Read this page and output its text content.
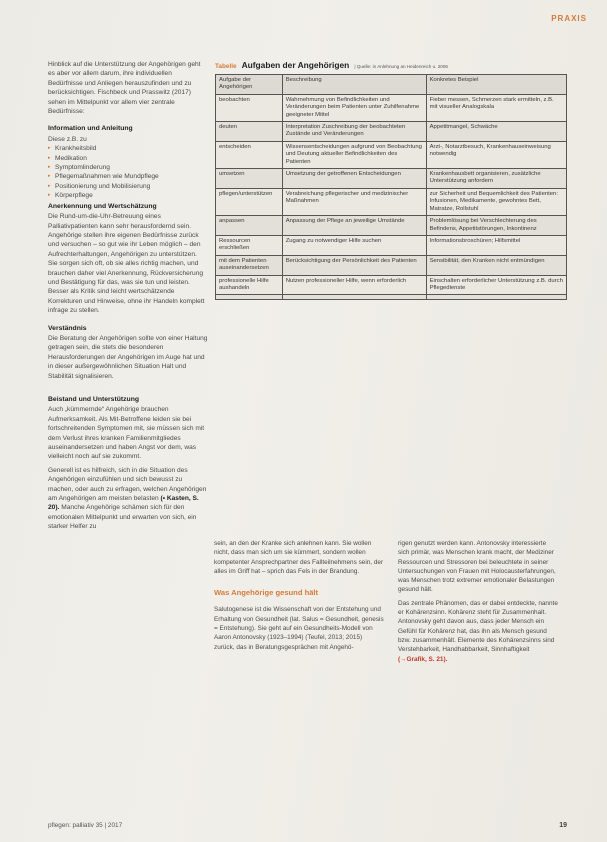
PRAXIS

Hinblick auf die Unterstützung der Angehörigen geht es aber vor allem darum, ihre individuellen Bedürfnisse und Anliegen herauszufinden und zu berücksichtigen. Fischbeck und Prasswitz (2017) sehen im Mittelpunkt vor allem vier zentrale Bedürfnisse:

Information und Anleitung

Diese z.B. zu

▸ Krankheitsbild
▸ Medikation
▸ Symptomlinderung
▸ Pflegemaßnahmen wie Mundpflege
▸ Positionierung und Mobilisierung
▸ Körperpflege
Anerkennung und Wertschätzung

Die Rund-um-die-Uhr-Betreuung eines Palliativpatienten kann sehr herausfordernd sein. Angehörige stellen ihre eigenen Bedürfnisse zurück und versuchen – so gut wie ihr Leben möglich – den Aufrechterhaltungen, Angehörigen zu unterstützen. Sie sorgen sich oft, ob sie alles richtig machen, und brauchen daher viel Anerkennung, Rückversicherung und Bestätigung für das, was sie tun und leisten. Besser als Kritik sind leicht wertschätzende Korrekturen und Hinweise, ohne ihr Handeln komplett infrage zu stellen.

Verständnis

Die Beratung der Angehörigen sollte von einer Haltung getragen sein, die stets die besonderen Herausforderungen der Angehörigen im Auge hat und in dieser außergewöhnlichen Situation Halt und Stabilität signalisieren.

Beistand und Unterstützung

Auch „kümmernde“ Angehörige brauchen Aufmerksamkeit. Als Mit-Betroffene leiden sie bei fortschreitenden Symptomen mit, sie müssen sich mit dem Verlust ihres kranken Familienmitgliedes auseinandersetzen und haben Angst vor dem, was vielleicht noch auf sie zukommt.

Generell ist es hilfreich, sich in die Situation des Angehörigen einzufühlen und sich bewusst zu machen, oder auch zu erfragen, welchen Angehörigen am Angehörigen am meisten belasten (• Kasten, S. 20). Manche Angehörige schämen sich für den emotionalen Mittelpunkt und erwarten von sich, ein starker Helfer zu

Tabelle Aufgaben der Angehörigen | Quelle: in Anlehnung an Heidenreich u. 2006
Aufgabe der Angehörigen	Beschreibung	Konkretes Beispiel
beobachten	Wahrnehmung von Befindlichkeiten und Veränderungen beim Patienten unter Zuhilfenahme geeigneter Mittel	Fieber messen, Schmerzen stark ermitteln, z.B. mit visueller Analogskala
deuten	Interpretation Zuschreibung der beobachteten Zustände und Veränderungen	Appetitmangel, Schwäche
entscheiden	Wissensentscheidungen aufgrund von Beobachtung und Deutung aktueller Befindlichkeiten des Patienten	Arzt-, Notarztbesuch, Krankenhauseinweisung notwendig
umsetzen	Umsetzung der getroffenen Entscheidungen	Krankenhausbett organisieren, zusätzliche Unterstützung anfordern
pflegen/unterstützen	Verabreichung pflegerischer und medizinischer Maßnahmen	zur Sicherheit und Bequemlichkeit des Patienten: Infusionen, Medikamente, gewohntes Bett, Matratze, Rollstuhl
anpassen	Anpassung der Pflege an jeweilige Umstände	Problemlösung bei Verschlechterung des Befindens, Appetitstörungen, Inkontinenz
Ressourcen erschließen	Zugang zu notwendiger Hilfe suchen	Informationsbroschüren; Hilfsmittel
mit dem Patienten auseinandersetzen	Berücksichtigung der Persönlichkeit des Patienten	Sensibilität, den Kranken nicht entmündigen
professionelle Hilfe aushandeln	Nutzen professioneller Hilfe, wenn erforderlich	Einschalten erforderlicher Unterstützung z.B. durch Pflegedienste

sein, an den der Kranke sich anlehnen kann. Sie wollen nicht, dass man sich um sie kümmert, sondern wollen kompetenter Ansprechpartner des Fallteilnehmens sein, der alles im Griff hat – sprich das Fels in der Brandung.

Was Angehörige gesund hält

Salutogenese ist die Wissenschaft von der Entstehung und Erhaltung von Gesundheit (lat. Salus = Gesundheit, genesis = Entstehung). Sie geht auf ein Gesundheits-Modell von Aaron Antonovsky (1923–1994) (Teufel, 2013; 2015) zurück, das in Beratungsgesprächen mit Angehö-

rigen genutzt werden kann. Antonovsky interessierte sich primär, was Menschen krank macht, der Mediziner Ressourcen und Stressoren bei beleuchtete in seiner Untersuchungen von Frauen mit Holocausterfahrungen, was Menschen trotz extremer emotionaler Belastungen gesund hält.

Das zentrale Phänomen, das er dabei entdeckte, nannte er Kohärenzsinn. Kohärenz steht für Zusammenhalt. Antonovsky geht davon aus, dass jeder Mensch ein Gefühl für Kohärenz hat, das ihn als Mensch gesund bzw. zusammenhält. Elemente des Kohärenzsinns sind Verstehbarkeit, Handhabbarkeit, Sinnhaftigkeit (→Grafik, S. 21).

pflegen: palliativ 35 | 2017	19
